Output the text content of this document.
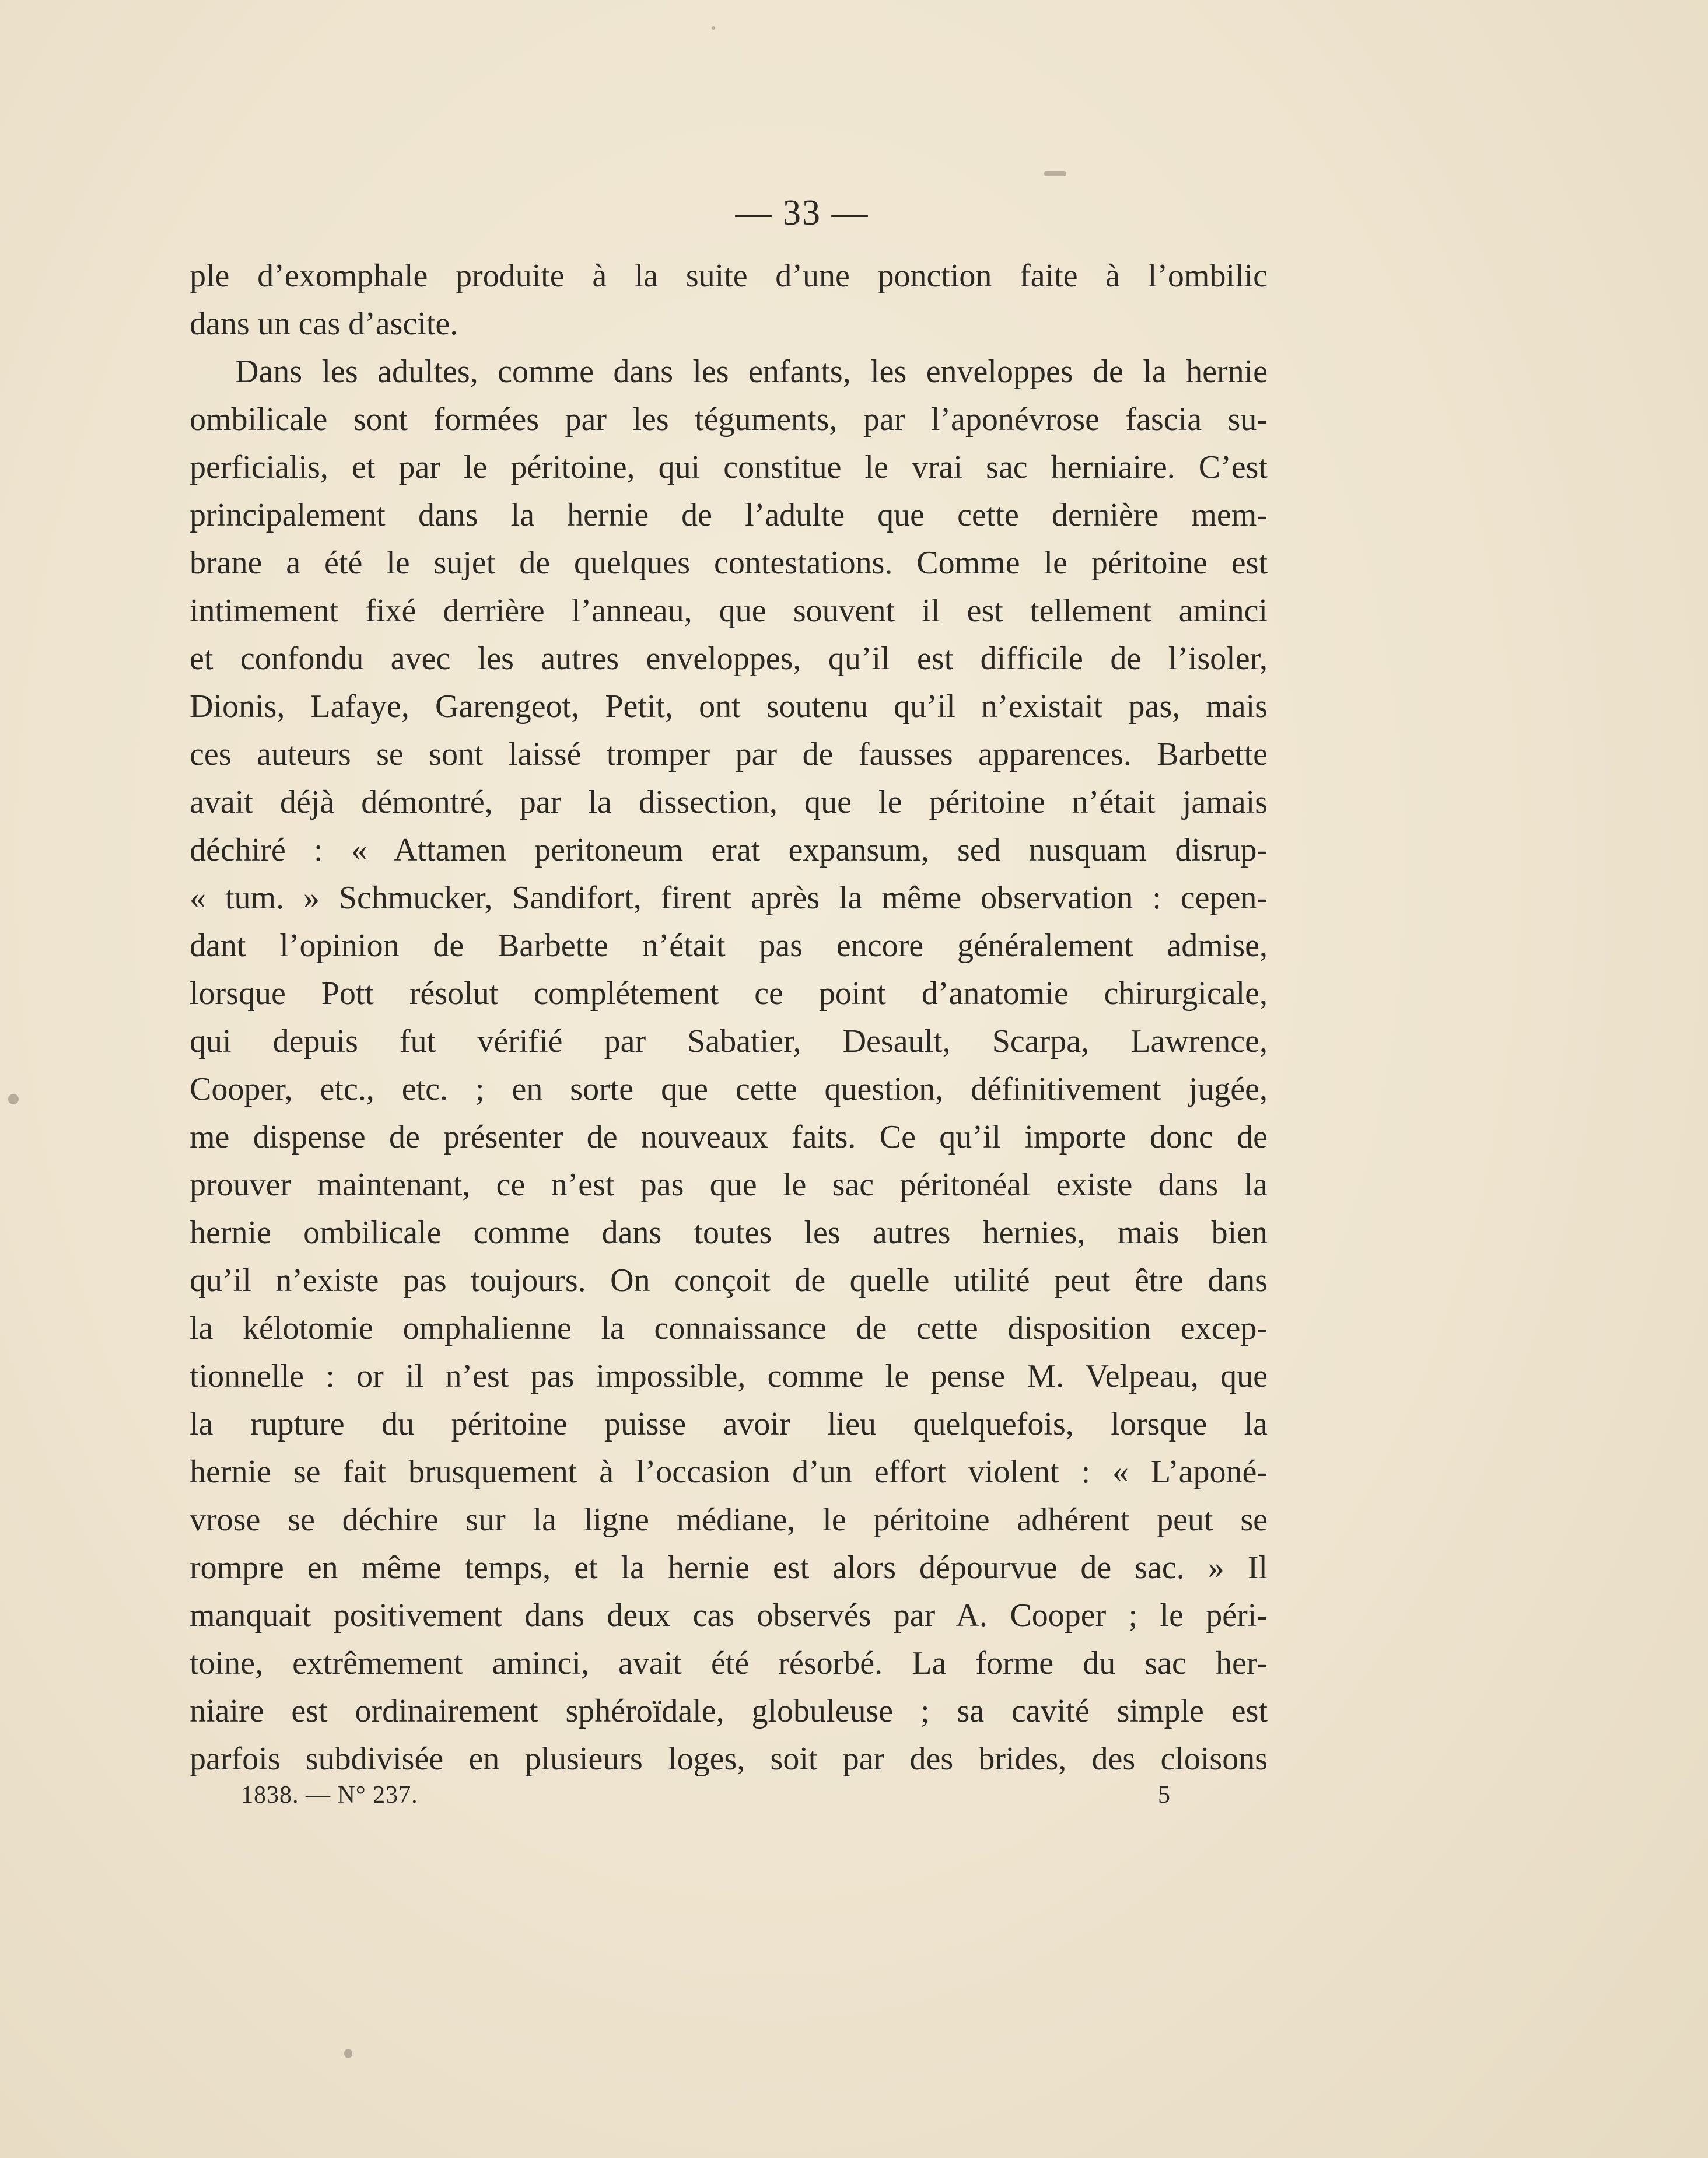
— 33 —
ple d’exomphale produite à la suite d’une ponction faite à l’ombilic
dans un cas d’ascite.
Dans les adultes, comme dans les enfants, les enveloppes de la hernie
ombilicale sont formées par les téguments, par l’aponévrose fascia su-
perficialis, et par le péritoine, qui constitue le vrai sac herniaire. C’est
principalement dans la hernie de l’adulte que cette dernière mem-
brane a été le sujet de quelques contestations. Comme le péritoine est
intimement fixé derrière l’anneau, que souvent il est tellement aminci
et confondu avec les autres enveloppes, qu’il est difficile de l’isoler,
Dionis, Lafaye, Garengeot, Petit, ont soutenu qu’il n’existait pas, mais
ces auteurs se sont laissé tromper par de fausses apparences. Barbette
avait déjà démontré, par la dissection, que le péritoine n’était jamais
déchiré : « Attamen peritoneum erat expansum, sed nusquam disrup-
« tum. » Schmucker, Sandifort, firent après la même observation : cepen-
dant l’opinion de Barbette n’était pas encore généralement admise,
lorsque Pott résolut complétement ce point d’anatomie chirurgicale,
qui depuis fut vérifié par Sabatier, Desault, Scarpa, Lawrence,
Cooper, etc., etc. ; en sorte que cette question, définitivement jugée,
me dispense de présenter de nouveaux faits. Ce qu’il importe donc de
prouver maintenant, ce n’est pas que le sac péritonéal existe dans la
hernie ombilicale comme dans toutes les autres hernies, mais bien
qu’il n’existe pas toujours. On conçoit de quelle utilité peut être dans
la kélotomie omphalienne la connaissance de cette disposition excep-
tionnelle : or il n’est pas impossible, comme le pense M. Velpeau, que
la rupture du péritoine puisse avoir lieu quelquefois, lorsque la
hernie se fait brusquement à l’occasion d’un effort violent : « L’aponé-
vrose se déchire sur la ligne médiane, le péritoine adhérent peut se
rompre en même temps, et la hernie est alors dépourvue de sac. » Il
manquait positivement dans deux cas observés par A. Cooper ; le péri-
toine, extrêmement aminci, avait été résorbé. La forme du sac her-
niaire est ordinairement sphéroïdale, globuleuse ; sa cavité simple est
parfois subdivisée en plusieurs loges, soit par des brides, des cloisons
1838. — N° 237.	5
